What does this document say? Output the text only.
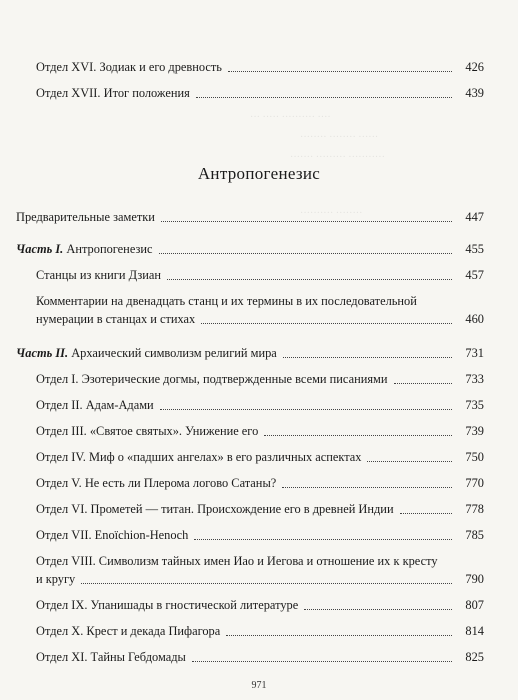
··· ····· ·········· ····
········ ········ ······
······· ········· ···········
·········· ········
Отдел XVI. Зодиак и его древность	426
Отдел XVII. Итог положения	439
Предварительные заметки	447
Часть I. Антропогенезис	455
Станцы из книги Дзиан	457
Комментарии на двенадцать станц и их термины в их последовательной
нумерации в станцах и стихах	460
Часть II. Архаический символизм религий мира	731
Отдел I. Эзотерические догмы, подтвержденные всеми писаниями	733
Отдел II. Адам-Адами	735
Отдел III. «Святое святых». Унижение его	739
Отдел IV. Миф о «падших ангелах» в его различных аспектах	750
Отдел V. Не есть ли Плерома логово Сатаны?	770
Отдел VI. Прометей — титан. Происхождение его в древней Индии	778
Отдел VII. Enoïchion-Henoch	785
Отдел VIII. Символизм тайных имен Иао и Иегова и отношение их к кресту
и кругу	790
Отдел IX. Упанишады в гностической литературе	807
Отдел X. Крест и декада Пифагора	814
Отдел XI. Тайны Гебдомады	825
Антропогенезис
971
